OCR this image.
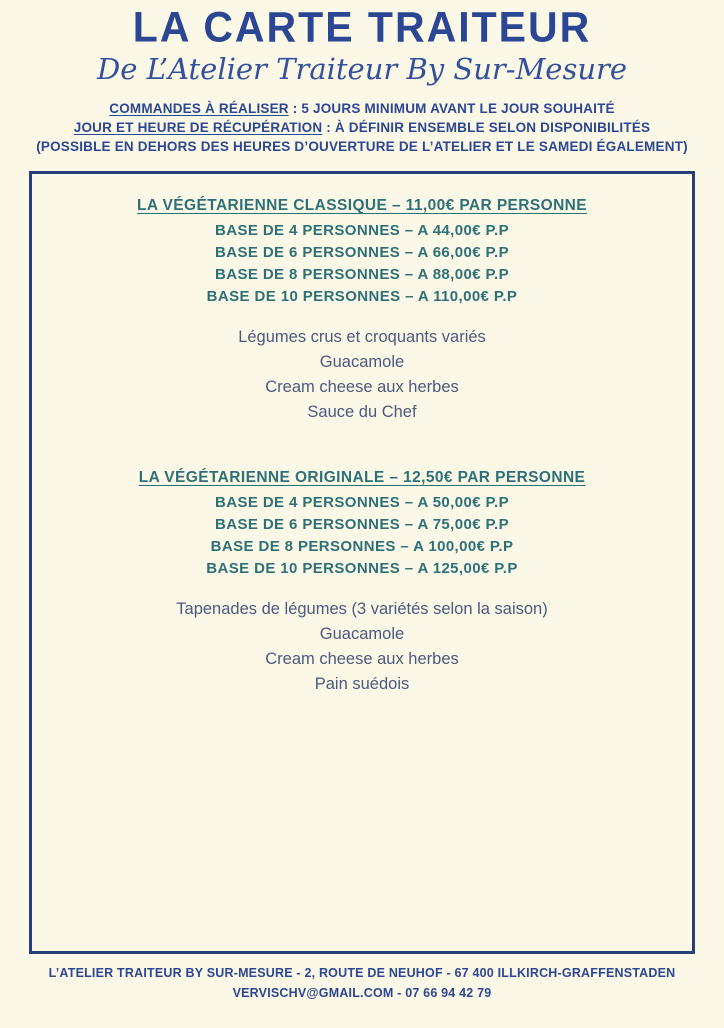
LA CARTE TRAITEUR
De L’Atelier Traiteur By Sur-Mesure
COMMANDES À RÉALISER : 5 JOURS MINIMUM AVANT LE JOUR SOUHAITÉ
JOUR ET HEURE DE RÉCUPÉRATION : À DÉFINIR ENSEMBLE SELON DISPONIBILITÉS
(POSSIBLE EN DEHORS DES HEURES D’OUVERTURE DE L’ATELIER ET LE SAMEDI ÉGALEMENT)
LA VÉGÉTARIENNE CLASSIQUE – 11,00€ PAR PERSONNE
BASE DE 4 PERSONNES – A 44,00€ P.P
BASE DE 6 PERSONNES – A 66,00€ P.P
BASE DE 8 PERSONNES – A 88,00€ P.P
BASE DE 10 PERSONNES – A 110,00€ P.P
Légumes crus et croquants variés
Guacamole
Cream cheese aux herbes
Sauce du Chef
LA VÉGÉTARIENNE ORIGINALE – 12,50€ PAR PERSONNE
BASE DE 4 PERSONNES – A 50,00€ P.P
BASE DE 6 PERSONNES – A 75,00€ P.P
BASE DE 8 PERSONNES – A 100,00€ P.P
BASE DE 10 PERSONNES – A 125,00€ P.P
Tapenades de légumes (3 variétés selon la saison)
Guacamole
Cream cheese aux herbes
Pain suédois
L’ATELIER TRAITEUR BY SUR-MESURE - 2, ROUTE DE NEUHOF - 67 400 ILLKIRCH-GRAFFENSTADEN
VERVISCHV@GMAIL.COM - 07 66 94 42 79
